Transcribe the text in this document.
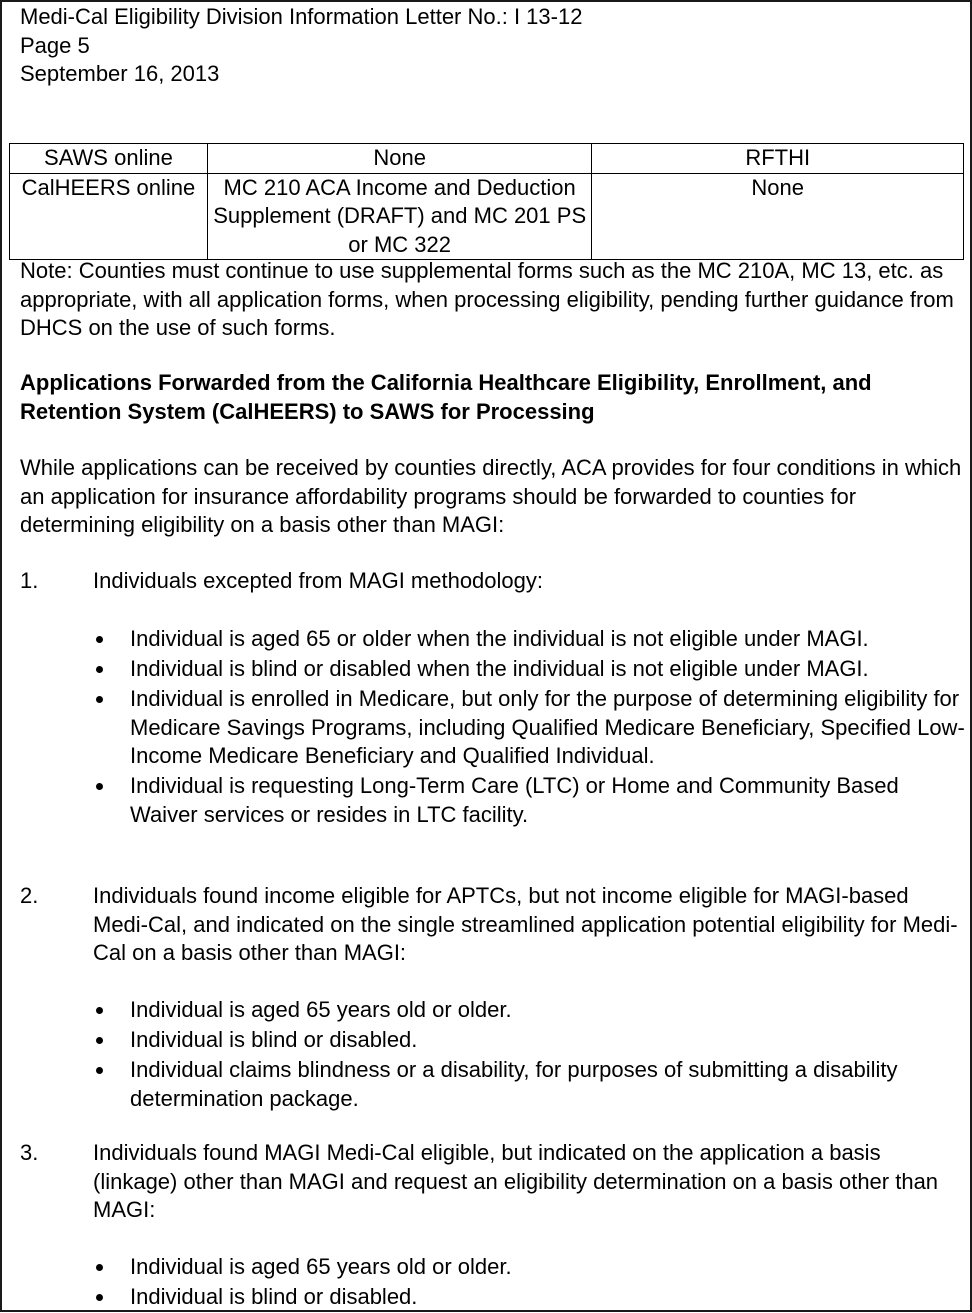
Medi-Cal Eligibility Division Information Letter No.: I 13-12
Page 5
September 16, 2013
SAWS online	None	RFTHI
CalHEERS online	MC 210 ACA Income and Deduction Supplement (DRAFT) and MC 201 PS or MC 322	None
Note: Counties must continue to use supplemental forms such as the MC 210A, MC 13, etc. as appropriate, with all application forms, when processing eligibility, pending further guidance from DHCS on the use of such forms.
Applications Forwarded from the California Healthcare Eligibility, Enrollment, and Retention System (CalHEERS) to SAWS for Processing
While applications can be received by counties directly, ACA provides for four conditions in which an application for insurance affordability programs should be forwarded to counties for determining eligibility on a basis other than MAGI:
1. Individuals excepted from MAGI methodology:
Individual is aged 65 or older when the individual is not eligible under MAGI.
Individual is blind or disabled when the individual is not eligible under MAGI.
Individual is enrolled in Medicare, but only for the purpose of determining eligibility for Medicare Savings Programs, including Qualified Medicare Beneficiary, Specified Low-Income Medicare Beneficiary and Qualified Individual.
Individual is requesting Long-Term Care (LTC) or Home and Community Based Waiver services or resides in LTC facility.
2. Individuals found income eligible for APTCs, but not income eligible for MAGI-based Medi-Cal, and indicated on the single streamlined application potential eligibility for Medi-Cal on a basis other than MAGI:
Individual is aged 65 years old or older.
Individual is blind or disabled.
Individual claims blindness or a disability, for purposes of submitting a disability determination package.
3. Individuals found MAGI Medi-Cal eligible, but indicated on the application a basis (linkage) other than MAGI and request an eligibility determination on a basis other than MAGI:
Individual is aged 65 years old or older.
Individual is blind or disabled.
